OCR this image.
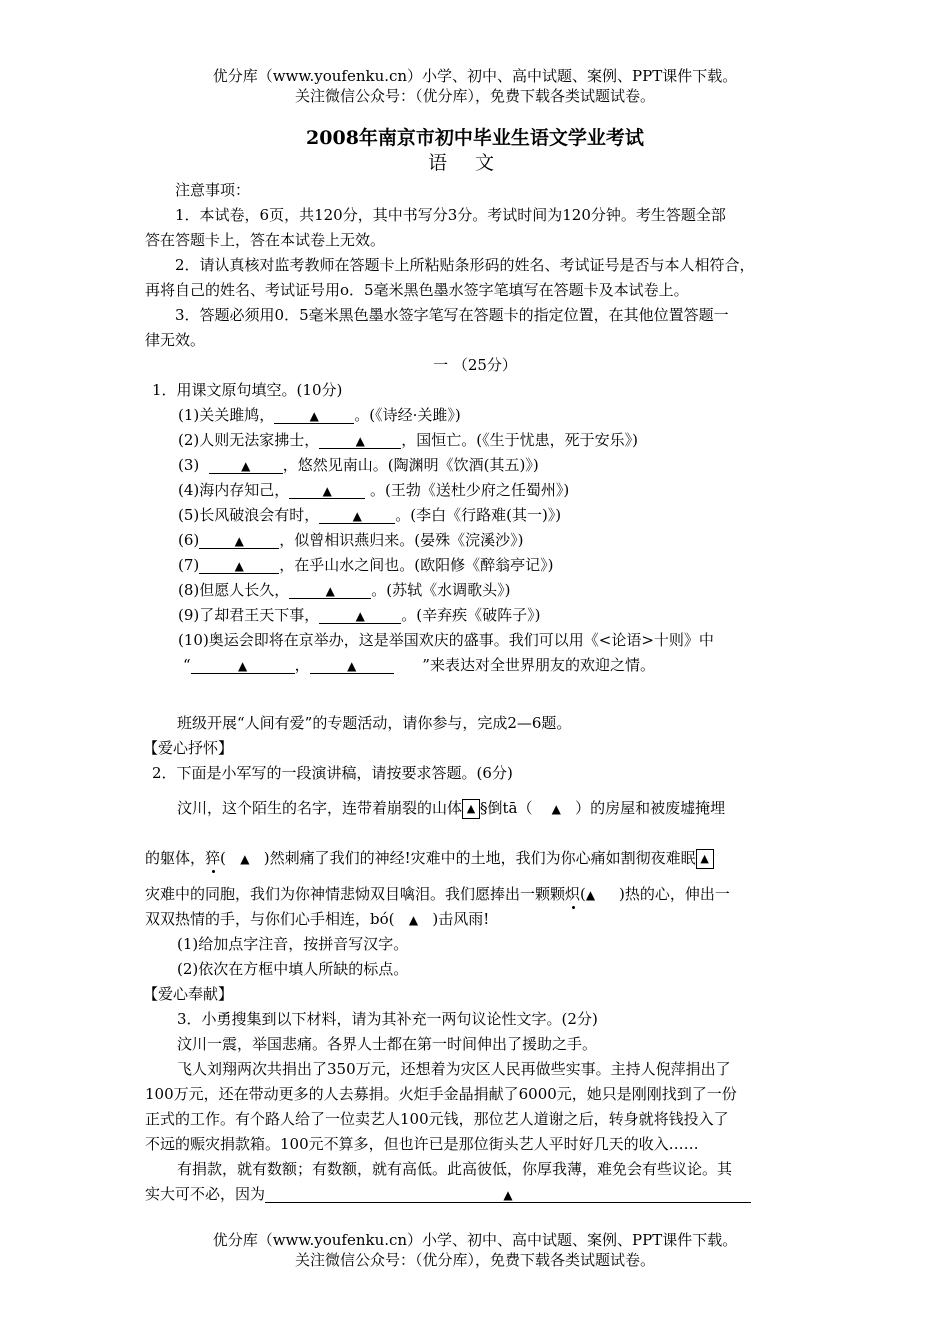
优分库（www.youfenku.cn）小学、初中、高中试题、案例、PPT课件下载。
关注微信公众号：（优分库），免费下载各类试题试卷。
2008年南京市初中毕业生语文学业考试
语文
注意事项：
1．本试卷，6页，共120分，其中书写分3分。考试时间为120分钟。考生答题全部
答在答题卡上，答在本试卷上无效。
2．请认真核对监考教师在答题卡上所粘贴条形码的姓名、考试证号是否与本人相符合，
再将自己的姓名、考试证号用o．5毫米黑色墨水签字笔填写在答题卡及本试卷上。
3．答题必须用0．5毫米黑色墨水签字笔写在答题卡的指定位置，在其他位置答题一
律无效。
一 （25分）
1．用课文原句填空。(10分)
(1)关关雎鸠，	▲ 。(《诗经·关雎》)
(2)人则无法家拂士，	▲ ，国恒亡。(《生于忧患，死于安乐》)
(3)	▲ ，悠然见南山。(陶渊明《饮酒(其五)》)
(4)海内存知己，	▲	。(王勃《送杜少府之任蜀州》)
(5)长风破浪会有时，	▲ 。(李白《行路难(其一)》)
(6)	▲ ，似曾相识燕归来。(晏殊《浣溪沙》)
(7)	▲ ，在乎山水之间也。(欧阳修《醉翁亭记》)
(8)但愿人长久，	▲ 。(苏轼《水调歌头》)
(9)了却君王天下事，	▲ 。(辛弃疾《破阵子》)
(10)奥运会即将在京举办，这是举国欢庆的盛事。我们可以用《<论语>十则》中
“	▲	，	▲	”来表达对全世界朋友的欢迎之情。
班级开展“人间有爱”的专题活动，请你参与，完成2—6题。
【爱心抒怀】
2．下面是小军写的一段演讲稿，请按要求答题。(6分)
汶川，这个陌生的名字，连带着崩裂的山体 ▲ §倒tā（ ▲ ）的房屋和被废墟掩埋
的躯体，猝( ▲ )然刺痛了我们的神经!灾难中的土地，我们为你心痛如割彻夜难眠 ▲
灾难中的同胞，我们为你神情悲恸双目噙泪。我们愿捧出一颗颗炽(▲ )热的心，伸出一
双双热情的手，与你们心手相连，bó( ▲ )击风雨!
(1)给加点字注音，按拼音写汉字。
(2)依次在方框中填人所缺的标点。
【爱心奉献】
3．小勇搜集到以下材料，请为其补充一两句议论性文字。(2分)
汶川一震，举国悲痛。各界人士都在第一时间伸出了援助之手。
飞人刘翔两次共捐出了350万元，还想着为灾区人民再做些实事。主持人倪萍捐出了
100万元，还在带动更多的人去募捐。火炬手金晶捐献了6000元，她只是刚刚找到了一份
正式的工作。有个路人给了一位卖艺人100元钱，那位艺人道谢之后，转身就将钱投入了
不远的赈灾捐款箱。100元不算多，但也许已是那位街头艺人平时好几天的收入……
有捐款，就有数额；有数额，就有高低。此高彼低，你厚我薄，难免会有些议论。其
实大可不必，因为	▲
优分库（www.youfenku.cn）小学、初中、高中试题、案例、PPT课件下载。
关注微信公众号：（优分库），免费下载各类试题试卷。
